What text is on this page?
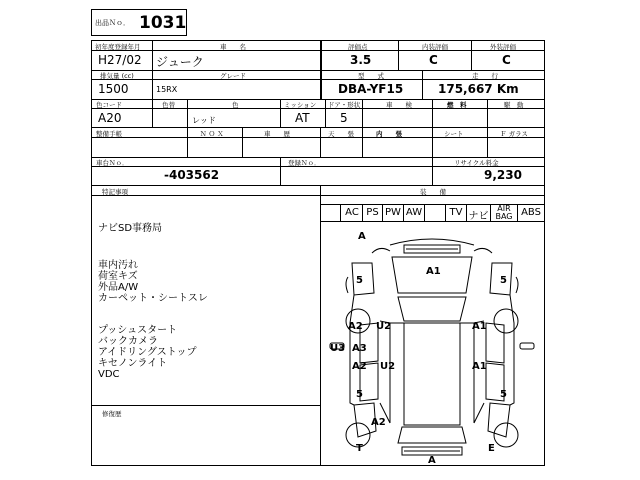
出品Ｎｏ． 1031
初年度登録年月
H27/02
車　　名
ジューク
評価点
3.5
内装評価
C
外装評価
C
排気量 (cc)
1500
グレード
15RX
型　　式
DBA-YF15
走　　行
175,667 Km
色コード
A20
色替	色
レッド
ミッション
AT
ドア・形状
5
車　　検	燃　料	駆　動
整備手帳	Ｎ Ｏ Ｘ	車　　歴	天　　張	内　　張	シート	Ｆ ガラス
車台Ｎｏ．
-403562
登録Ｎｏ．	リサイクル料金
9,230
特記事項
ナビSD事務局
車内汚れ
荷室キズ
外品A/W
カーペット・シートスレ
プッシュスタート
バックカメラ
アイドリングストップ
キセノンライト
VDC
修復歴
装　　備
AC PS PW AW	TV ナビ
AIR BAG ABS
A
A1
5	5
A2 U2	A1
U3 A3
A2 U2	A1
5	5
A2
T	E
A
